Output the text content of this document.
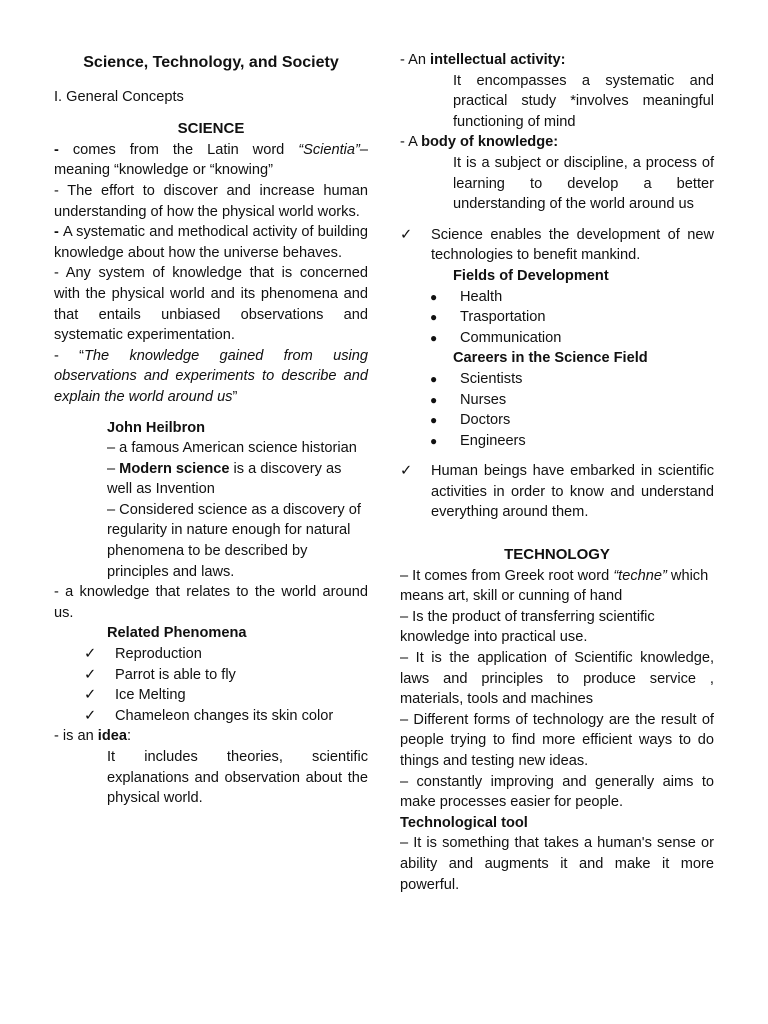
Science, Technology, and Society
I. General Concepts
SCIENCE
- comes from the Latin word “Scientia”– meaning “knowledge or “knowing”
- The effort to discover and increase human understanding of how the physical world works.
- A systematic and methodical activity of building knowledge about how the universe behaves.
- Any system of knowledge that is concerned with the physical world and its phenomena and that entails unbiased observations and systematic experimentation.
- “The knowledge gained from using observations and experiments to describe and explain the world around us”
John Heilbron
– a famous American science historian
– Modern science is a discovery as well as Invention
– Considered science as a discovery of regularity in nature enough for natural phenomena to be described by principles and laws.
- a knowledge that relates to the world around us.
Related Phenomena
✓ Reproduction
✓ Parrot is able to fly
✓ Ice Melting
✓ Chameleon changes its skin color
- is an idea:
It includes theories, scientific explanations and observation about the physical world.
- An intellectual activity:
It encompasses a systematic and practical study *involves meaningful functioning of mind
- A body of knowledge:
It is a subject or discipline, a process of learning to develop a better understanding of the world around us
✓ Science enables the development of new technologies to benefit mankind.
Fields of Development
● Health
● Trasportation
● Communication
Careers in the Science Field
● Scientists
● Nurses
● Doctors
● Engineers
✓ Human beings have embarked in scientific activities in order to know and understand everything around them.
TECHNOLOGY
– It comes from Greek root word “techne” which means art, skill or cunning of hand
– Is the product of transferring scientific knowledge into practical use.
– It is the application of Scientific knowledge, laws and principles to produce service , materials, tools and machines
– Different forms of technology are the result of people trying to find more efficient ways to do things and testing new ideas.
– constantly improving and generally aims to make processes easier for people.
Technological tool
– It is something that takes a human's sense or ability and augments it and make it more powerful.
